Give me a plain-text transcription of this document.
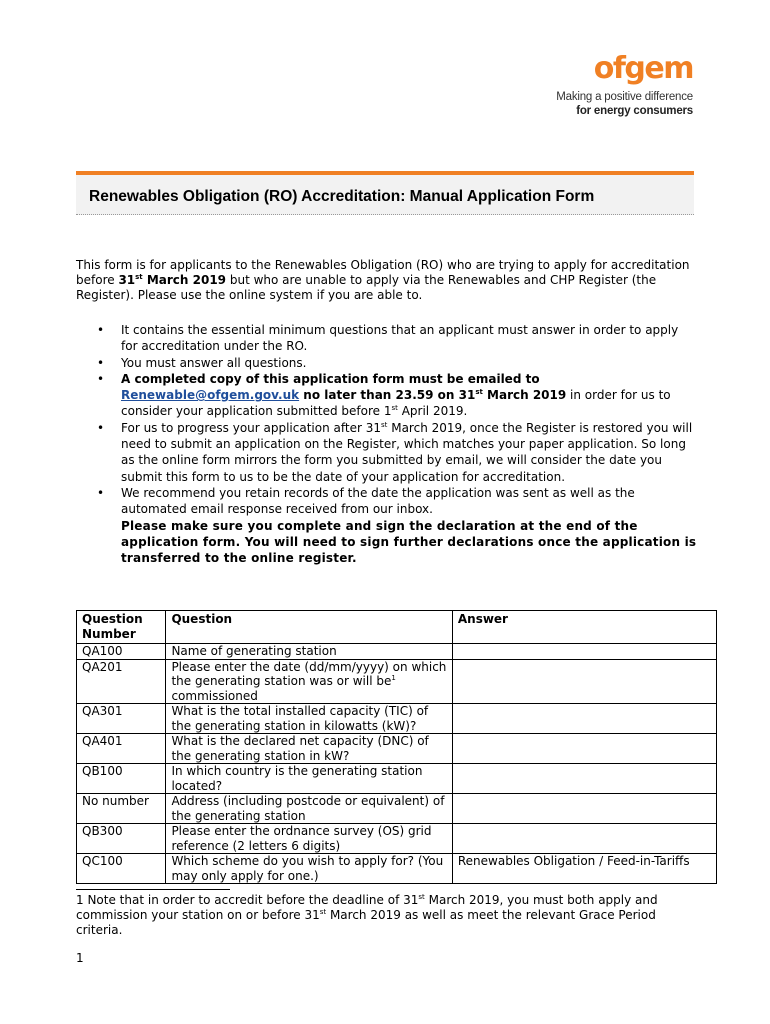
ofgem
Making a positive difference
for energy consumers
Renewables Obligation (RO) Accreditation: Manual Application Form
This form is for applicants to the Renewables Obligation (RO) who are trying to apply for accreditation before 31st March 2019 but who are unable to apply via the Renewables and CHP Register (the Register). Please use the online system if you are able to.
• It contains the essential minimum questions that an applicant must answer in order to apply for accreditation under the RO.
• You must answer all questions.
• A completed copy of this application form must be emailed to
Renewable@ofgem.gov.uk no later than 23.59 on 31st March 2019 in order for us to consider your application submitted before 1st April 2019.
• For us to progress your application after 31st March 2019, once the Register is restored you will need to submit an application on the Register, which matches your paper application. So long as the online form mirrors the form you submitted by email, we will consider the date you submit this form to us to be the date of your application for accreditation.
• We recommend you retain records of the date the application was sent as well as the automated email response received from our inbox.
Please make sure you complete and sign the declaration at the end of the application form. You will need to sign further declarations once the application is transferred to the online register.
Question Number	Question	Answer
QA100	Name of generating station	
QA201	Please enter the date (dd/mm/yyyy) on which the generating station was or will $be^1$ commissioned	
QA301	What is the total installed capacity (TIC) of the generating station in kilowatts (kW)?	
QA401	What is the declared net capacity (DNC) of the generating station in kW?	
QB100	In which country is the generating station located?	
No number	Address (including postcode or equivalent) of the generating station	
QB300	Please enter the ordnance survey (OS) grid reference (2 letters 6 digits)	
QC100	Which scheme do you wish to apply for? (You may only apply for one.)	Renewables Obligation / Feed-in-Tariffs
1 Note that in order to accredit before the deadline of 31st March 2019, you must both apply and commission your station on or before 31st March 2019 as well as meet the relevant Grace Period criteria.
1
